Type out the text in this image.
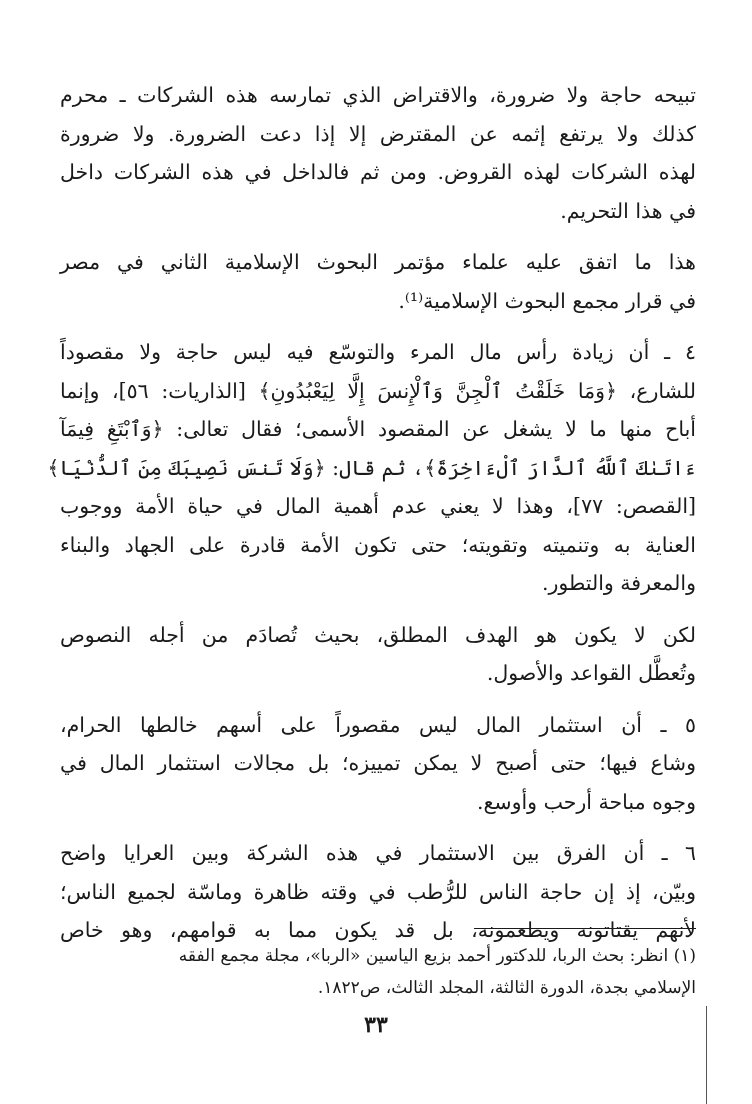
تبيحه حاجة ولا ضرورة، والاقتراض الذي تمارسه هذه الشركات ـ محرم
كذلك ولا يرتفع إثمه عن المقترض إلا إذا دعت الضرورة. ولا ضرورة
لهذه الشركات لهذه القروض. ومن ثم فالداخل في هذه الشركات داخل
في هذا التحريم.

هذا ما اتفق عليه علماء مؤتمر البحوث الإسلامية الثاني في مصر
في قرار مجمع البحوث الإسلامية⁽¹⁾.

٤ ـ أن زيادة رأس مال المرء والتوسّع فيه ليس حاجة ولا مقصوداً
للشارع، ﴿وَمَا خَلَقْتُ ٱلْجِنَّ وَٱلْإِنسَ إِلَّا لِيَعْبُدُونِ﴾ [الذاريات: ٥٦]، وإنما
أباح منها ما لا يشغل عن المقصود الأسمى؛ فقال تعالى: ﴿وَٱبْتَغِ فِيمَآ
ءَاتَىٰكَ ٱللَّهُ ٱلدَّارَ ٱلْءَاخِرَةَ﴾، ثم قال: ﴿وَلَا تَنسَ نَصِيبَكَ مِنَ ٱلدُّنْيَا﴾
[القصص: ٧٧]، وهذا لا يعني عدم أهمية المال في حياة الأمة ووجوب
العناية به وتنميته وتقويته؛ حتى تكون الأمة قادرة على الجهاد والبناء
والمعرفة والتطور.

لكن لا يكون هو الهدف المطلق، بحيث تُصادَم من أجله النصوص
وتُعطَّل القواعد والأصول.

٥ ـ أن استثمار المال ليس مقصوراً على أسهم خالطها الحرام،
وشاع فيها؛ حتى أصبح لا يمكن تمييزه؛ بل مجالات استثمار المال في
وجوه مباحة أرحب وأوسع.

٦ ـ أن الفرق بين الاستثمار في هذه الشركة وبين العرايا واضح
وبيّن، إذ إن حاجة الناس للرُّطب في وقته ظاهرة وماسّة لجميع الناس؛
لأنهم يقتاتونه ويطعمونه، بل قد يكون مما به قوامهم، وهو خاص

(١) انظر: بحث الربا، للدكتور أحمد بزيع الياسين «الربا»، مجلة مجمع الفقه
الإسلامي بجدة، الدورة الثالثة، المجلد الثالث، ص١٨٢٢.
٣٣
